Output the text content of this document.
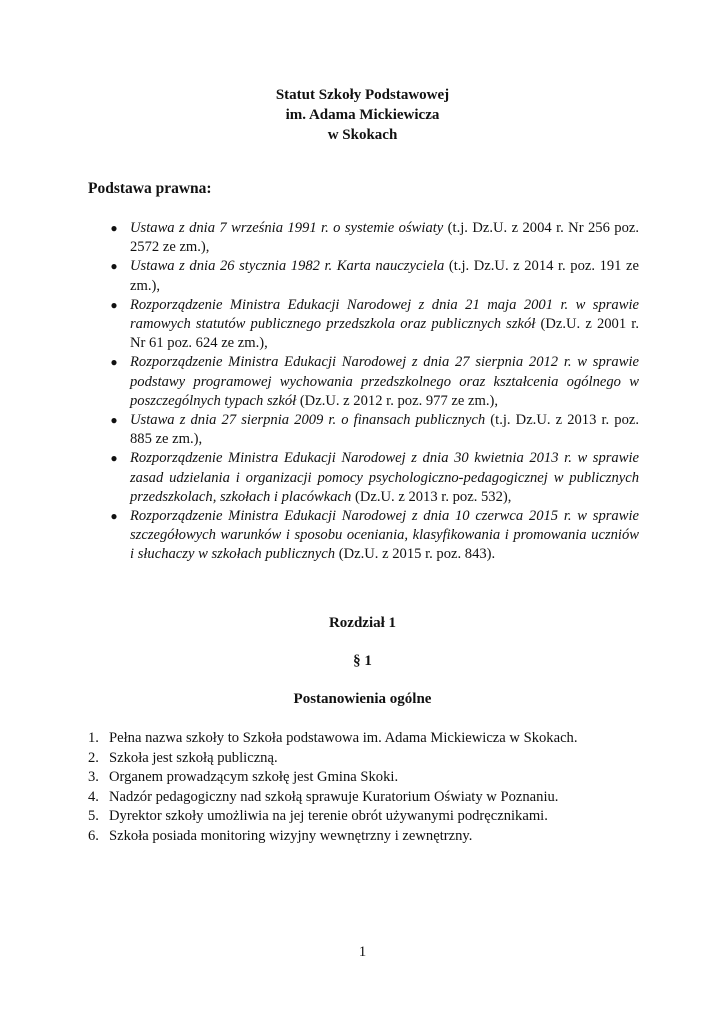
Statut Szkoły Podstawowej
im. Adama Mickiewicza
w Skokach
Podstawa prawna:
● Ustawa z dnia 7 września 1991 r. o systemie oświaty (t.j. Dz.U. z 2004 r. Nr 256 poz. 2572 ze zm.),
● Ustawa z dnia 26 stycznia 1982 r. Karta nauczyciela (t.j. Dz.U. z 2014 r. poz. 191 ze zm.),
● Rozporządzenie Ministra Edukacji Narodowej z dnia 21 maja 2001 r. w sprawie ramowych statutów publicznego przedszkola oraz publicznych szkół (Dz.U. z 2001 r. Nr 61 poz. 624 ze zm.),
● Rozporządzenie Ministra Edukacji Narodowej z dnia 27 sierpnia 2012 r. w sprawie podstawy programowej wychowania przedszkolnego oraz kształcenia ogólnego w poszczególnych typach szkół (Dz.U. z 2012 r. poz. 977 ze zm.),
● Ustawa z dnia 27 sierpnia 2009 r. o finansach publicznych (t.j. Dz.U. z 2013 r. poz. 885 ze zm.),
● Rozporządzenie Ministra Edukacji Narodowej z dnia 30 kwietnia 2013 r. w sprawie zasad udzielania i organizacji pomocy psychologiczno-pedagogicznej w publicznych przedszkolach, szkołach i placówkach (Dz.U. z 2013 r. poz. 532),
● Rozporządzenie Ministra Edukacji Narodowej z dnia 10 czerwca 2015 r. w sprawie szczegółowych warunków i sposobu oceniania, klasyfikowania i promowania uczniów i słuchaczy w szkołach publicznych (Dz.U. z 2015 r. poz. 843).
Rozdział 1
§ 1
Postanowienia ogólne
1. Pełna nazwa szkoły to Szkoła podstawowa im. Adama Mickiewicza w Skokach.
2. Szkoła jest szkołą publiczną.
3. Organem prowadzącym szkołę jest Gmina Skoki.
4. Nadzór pedagogiczny nad szkołą sprawuje Kuratorium Oświaty w Poznaniu.
5. Dyrektor szkoły umożliwia na jej terenie obrót używanymi podręcznikami.
6. Szkoła posiada monitoring wizyjny wewnętrzny i zewnętrzny.
1
